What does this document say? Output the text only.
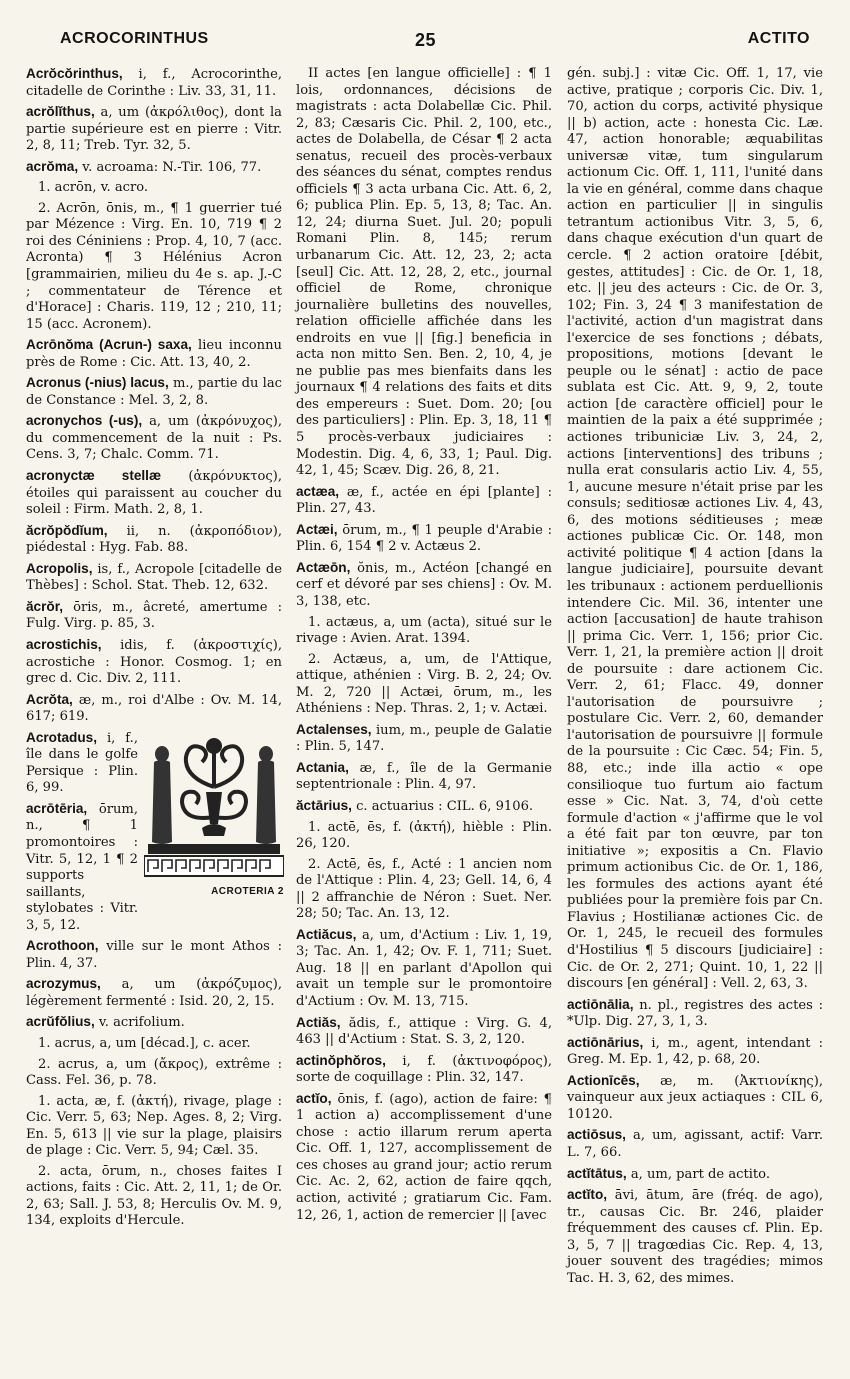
ACROCORINTHUS	25	ACTITO

Acrŏcŏrinthus, i, f., Acrocorinthe, citadelle de Corinthe : Liv. 33, 31, 11.

acrŏlĭthus, a, um (ἀκρόλιθος), dont la partie supérieure est en pierre : Vitr. 2, 8, 11; Treb. Tyr. 32, 5.

acrŏma, v. acroama: N.-Tir. 106, 77.

1. acrōn, v. acro.

2. Acrōn, ōnis, m., ¶ 1 guerrier tué par Mézence : Virg. En. 10, 719 ¶ 2 roi des Céniniens : Prop. 4, 10, 7 (acc. Acronta) ¶ 3 Hélénius Acron [grammairien, milieu du 4e s. ap. J.-C ; commentateur de Térence et d'Horace] : Charis. 119, 12 ; 210, 11; 15 (acc. Acronem).

Acrōnŏma (Acrun-) saxa, lieu inconnu près de Rome : Cic. Att. 13, 40, 2.

Acronus (-nius) lacus, m., partie du lac de Constance : Mel. 3, 2, 8.

acronychos (-us), a, um (ἀκρόνυχος), du commencement de la nuit : Ps. Cens. 3, 7; Chalc. Comm. 71.

acronyctæ stellæ (ἀκρόνυκτος), étoiles qui paraissent au coucher du soleil : Firm. Math. 2, 8, 1.

ăcrŏpŏdĭum, ii, n. (ἀκροπόδιον), piédestal : Hyg. Fab. 88.

Acropolis, is, f., Acropole [citadelle de Thèbes] : Schol. Stat. Theb. 12, 632.

ăcrŏr, ōris, m., âcreté, amertume : Fulg. Virg. p. 85, 3.

acrostichis, idis, f. (ἀκροστιχίς), acrostiche : Honor. Cosmog. 1; en grec d. Cic. Div. 2, 111.

Acrŏta, æ, m., roi d'Albe : Ov. M. 14, 617; 619.

ACROTERIA 2

Acrotadus, i, f., île dans le golfe Persique : Plin. 6, 99.

acrōtēria, ōrum, n., ¶ 1 promontoires : Vitr. 5, 12, 1 ¶ 2 supports saillants, stylobates : Vitr. 3, 5, 12.

Acrothoon, ville sur le mont Athos : Plin. 4, 37.

acrozymus, a, um (ἀκρόζυμος), légèrement fermenté : Isid. 20, 2, 15.

acrŭfŏlius, v. acrifolium.

1. acrus, a, um [décad.], c. acer.

2. acrus, a, um (ἄκρος), extrême : Cass. Fel. 36, p. 78.

1. acta, æ, f. (ἀκτή), rivage, plage : Cic. Verr. 5, 63; Nep. Ages. 8, 2; Virg. En. 5, 613 || vie sur la plage, plaisirs de plage : Cic. Verr. 5, 94; Cæl. 35.

2. acta, ōrum, n., choses faites I actions, faits : Cic. Att. 2, 11, 1; de Or. 2, 63; Sall. J. 53, 8; Herculis Ov. M. 9, 134, exploits d'Hercule.

II actes [en langue officielle] : ¶ 1 lois, ordonnances, décisions de magistrats : acta Dolabellæ Cic. Phil. 2, 83; Cæsaris Cic. Phil. 2, 100, etc., actes de Dolabella, de César ¶ 2 acta senatus, recueil des procès-verbaux des séances du sénat, comptes rendus officiels ¶ 3 acta urbana Cic. Att. 6, 2, 6; publica Plin. Ep. 5, 13, 8; Tac. An. 12, 24; diurna Suet. Jul. 20; populi Romani Plin. 8, 145; rerum urbanarum Cic. Att. 12, 23, 2; acta [seul] Cic. Att. 12, 28, 2, etc., journal officiel de Rome, chronique journalière bulletins des nouvelles, relation officielle affichée dans les endroits en vue || [fig.] beneficia in acta non mitto Sen. Ben. 2, 10, 4, je ne publie pas mes bienfaits dans les journaux ¶ 4 relations des faits et dits des empereurs : Suet. Dom. 20; [ou des particuliers] : Plin. Ep. 3, 18, 11 ¶ 5 procès-verbaux judiciaires : Modestin. Dig. 4, 6, 33, 1; Paul. Dig. 42, 1, 45; Scæv. Dig. 26, 8, 21.

actæa, æ, f., actée en épi [plante] : Plin. 27, 43.

Actæi, ōrum, m., ¶ 1 peuple d'Arabie : Plin. 6, 154 ¶ 2 v. Actæus 2.

Actæōn, ŏnis, m., Actéon [changé en cerf et dévoré par ses chiens] : Ov. M. 3, 138, etc.

1. actæus, a, um (acta), situé sur le rivage : Avien. Arat. 1394.

2. Actæus, a, um, de l'Attique, attique, athénien : Virg. B. 2, 24; Ov. M. 2, 720 || Actæi, ōrum, m., les Athéniens : Nep. Thras. 2, 1; v. Actæi.

Actalenses, ium, m., peuple de Galatie : Plin. 5, 147.

Actania, æ, f., île de la Germanie septentrionale : Plin. 4, 97.

ăctārius, c. actuarius : CIL. 6, 9106.

1. actē, ēs, f. (ἀκτή), hièble : Plin. 26, 120.

2. Actē, ēs, f., Acté : 1 ancien nom de l'Attique : Plin. 4, 23; Gell. 14, 6, 4 || 2 affranchie de Néron : Suet. Ner. 28; 50; Tac. An. 13, 12.

Actiăcus, a, um, d'Actium : Liv. 1, 19, 3; Tac. An. 1, 42; Ov. F. 1, 711; Suet. Aug. 18 || en parlant d'Apollon qui avait un temple sur le promontoire d'Actium : Ov. M. 13, 715.

Actiăs, ădis, f., attique : Virg. G. 4, 463 || d'Actium : Stat. S. 3, 2, 120.

actinŏphŏros, i, f. (ἀκτινοφόρος), sorte de coquillage : Plin. 32, 147.

actĭo, ōnis, f. (ago), action de faire: ¶ 1 action a) accomplissement d'une chose : actio illarum rerum aperta Cic. Off. 1, 127, accomplissement de ces choses au grand jour; actio rerum Cic. Ac. 2, 62, action de faire qqch, action, activité ; gratiarum Cic. Fam. 12, 26, 1, action de remercier || [avec

gén. subj.] : vitæ Cic. Off. 1, 17, vie active, pratique ; corporis Cic. Div. 1, 70, action du corps, activité physique || b) action, acte : honesta Cic. Læ. 47, action honorable; æquabilitas universæ vitæ, tum singularum actionum Cic. Off. 1, 111, l'unité dans la vie en général, comme dans chaque action en particulier || in singulis tetrantum actionibus Vitr. 3, 5, 6, dans chaque exécution d'un quart de cercle. ¶ 2 action oratoire [débit, gestes, attitudes] : Cic. de Or. 1, 18, etc. || jeu des acteurs : Cic. de Or. 3, 102; Fin. 3, 24 ¶ 3 manifestation de l'activité, action d'un magistrat dans l'exercice de ses fonctions ; débats, propositions, motions [devant le peuple ou le sénat] : actio de pace sublata est Cic. Att. 9, 9, 2, toute action [de caractère officiel] pour le maintien de la paix a été supprimée ; actiones tribuniciæ Liv. 3, 24, 2, actions [interventions] des tribuns ; nulla erat consularis actio Liv. 4, 55, 1, aucune mesure n'était prise par les consuls; seditiosæ actiones Liv. 4, 43, 6, des motions séditieuses ; meæ actiones publicæ Cic. Or. 148, mon activité politique ¶ 4 action [dans la langue judiciaire], poursuite devant les tribunaux : actionem perduellionis intendere Cic. Mil. 36, intenter une action [accusation] de haute trahison || prima Cic. Verr. 1, 156; prior Cic. Verr. 1, 21, la première action || droit de poursuite : dare actionem Cic. Verr. 2, 61; Flacc. 49, donner l'autorisation de poursuivre ; postulare Cic. Verr. 2, 60, demander l'autorisation de poursuivre || formule de la poursuite : Cic Cæc. 54; Fin. 5, 88, etc.; inde illa actio « ope consilioque tuo furtum aio factum esse » Cic. Nat. 3, 74, d'où cette formule d'action « j'affirme que le vol a été fait par ton œuvre, par ton initiative »; expositis a Cn. Flavio primum actionibus Cic. de Or. 1, 186, les formules des actions ayant été publiées pour la première fois par Cn. Flavius ; Hostilianæ actiones Cic. de Or. 1, 245, le recueil des formules d'Hostilius ¶ 5 discours [judiciaire] : Cic. de Or. 2, 271; Quint. 10, 1, 22 || discours [en général] : Vell. 2, 63, 3.

actiōnālia, n. pl., registres des actes : *Ulp. Dig. 27, 3, 1, 3.

actiōnārius, i, m., agent, intendant : Greg. M. Ep. 1, 42, p. 68, 20.

Actionīcēs, æ, m. (Ἀκτιονίκης), vainqueur aux jeux actiaques : CIL 6, 10120.

actiōsus, a, um, agissant, actif: Varr. L. 7, 66.

actĭtātus, a, um, part de actito.

actĭto, āvi, ātum, āre (fréq. de ago), tr., causas Cic. Br. 246, plaider fréquemment des causes cf. Plin. Ep. 3, 5, 7 || tragœdias Cic. Rep. 4, 13, jouer souvent des tragédies; mimos Tac. H. 3, 62, des mimes.
